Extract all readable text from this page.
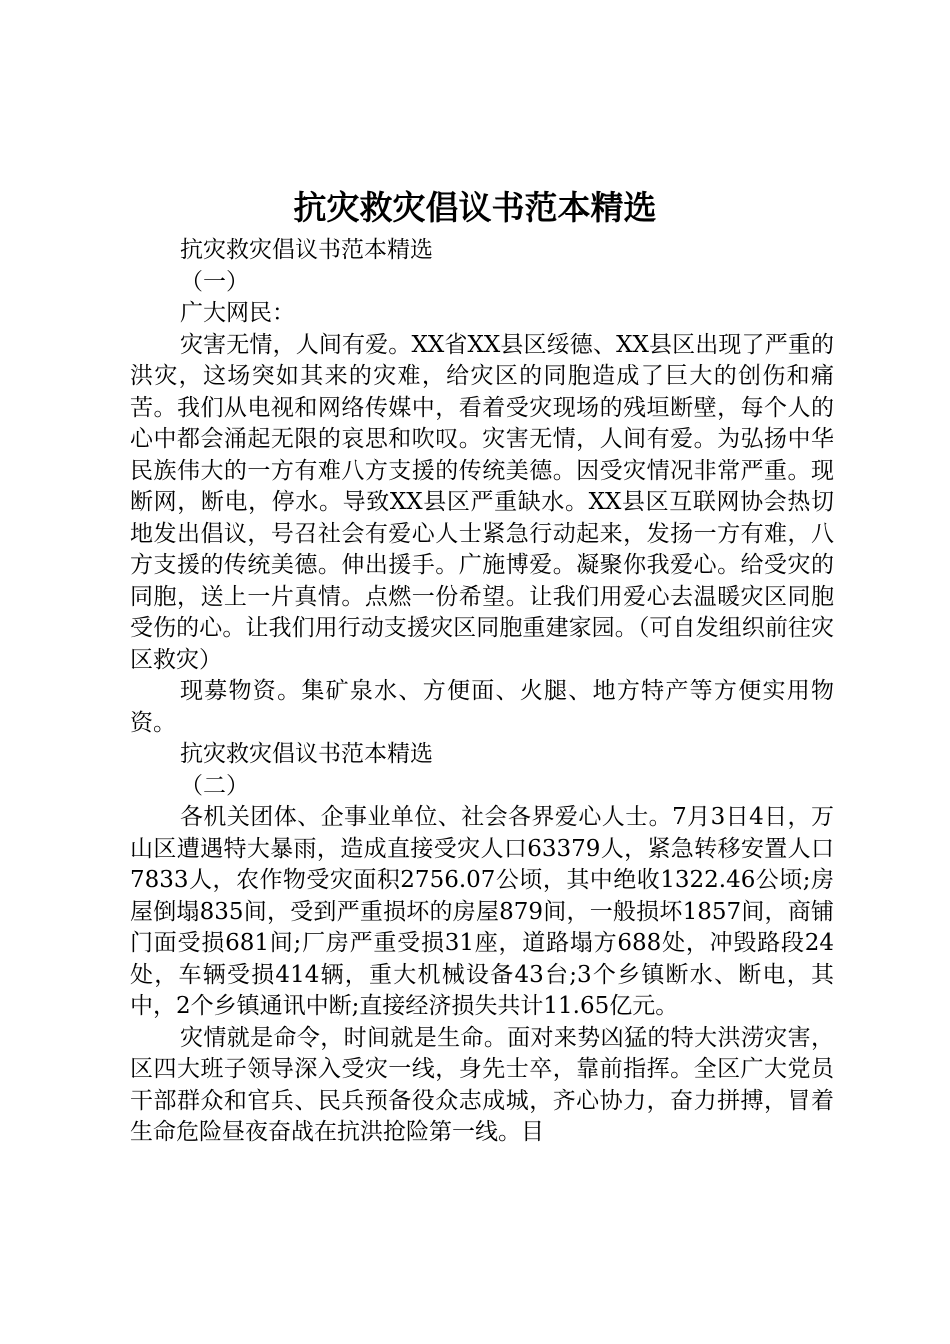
抗灾救灾倡议书范本精选

抗灾救灾倡议书范本精选

（一）

广大网民：

灾害无情，人间有爱。XX省XX县区绥德、XX县区出现了严重的洪灾，这场突如其来的灾难，给灾区的同胞造成了巨大的创伤和痛苦。我们从电视和网络传媒中，看着受灾现场的残垣断壁，每个人的心中都会涌起无限的哀思和吹叹。灾害无情，人间有爱。为弘扬中华民族伟大的一方有难八方支援的传统美德。因受灾情况非常严重。现断网，断电，停水。导致XX县区严重缺水。XX县区互联网协会热切地发出倡议，号召社会有爱心人士紧急行动起来，发扬一方有难，八方支援的传统美德。伸出援手。广施博爱。凝聚你我爱心。给受灾的同胞，送上一片真情。点燃一份希望。让我们用爱心去温暖灾区同胞受伤的心。让我们用行动支援灾区同胞重建家园。（可自发组织前往灾区救灾）

现募物资。集矿泉水、方便面、火腿、地方特产等方便实用物资。

抗灾救灾倡议书范本精选

（二）

各机关团体、企事业单位、社会各界爱心人士。7月3日4日，万山区遭遇特大暴雨，造成直接受灾人口63379人，紧急转移安置人口7833人，农作物受灾面积2756.07公顷，其中绝收1322.46公顷;房屋倒塌835间，受到严重损坏的房屋879间，一般损坏1857间，商铺门面受损681间;厂房严重受损31座，道路塌方688处，冲毁路段24处，车辆受损414辆，重大机械设备43台;3个乡镇断水、断电，其中，2个乡镇通讯中断;直接经济损失共计11.65亿元。

灾情就是命令，时间就是生命。面对来势凶猛的特大洪涝灾害，区四大班子领导深入受灾一线，身先士卒，靠前指挥。全区广大党员干部群众和官兵、民兵预备役众志成城，齐心协力，奋力拼搏，冒着生命危险昼夜奋战在抗洪抢险第一线。目
